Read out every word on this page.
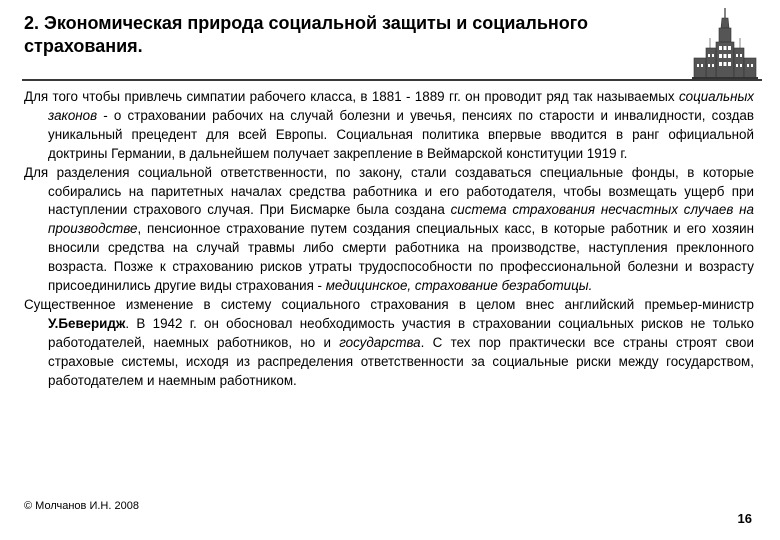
2. Экономическая природа социальной защиты и социального страхования.

Для того чтобы привлечь симпатии рабочего класса, в 1881 - 1889 гг. он проводит ряд так называемых социальных законов - о страховании рабочих на случай болезни и увечья, пенсиях по старости и инвалидности, создав уникальный прецедент для всей Европы. Социальная политика впервые вводится в ранг официальной доктрины Германии, в дальнейшем получает закрепление в Веймарской конституции 1919 г.

Для разделения социальной ответственности, по закону, стали создаваться специальные фонды, в которые собирались на паритетных началах средства работника и его работодателя, чтобы возмещать ущерб при наступлении страхового случая. При Бисмарке была создана система страхования несчастных случаев на производстве, пенсионное страхование путем создания специальных касс, в которые работник и его хозяин вносили средства на случай травмы либо смерти работника на производстве, наступления преклонного возраста. Позже к страхованию рисков утраты трудоспособности по профессиональной болезни и возрасту присоединились другие виды страхования - медицинское, страхование безработицы.

Существенное изменение в систему социального страхования в целом внес английский премьер-министр У.Беверидж. В 1942 г. он обосновал необходимость участия в страховании социальных рисков не только работодателей, наемных работников, но и государства. С тех пор практически все страны строят свои страховые системы, исходя из распределения ответственности за социальные риски между государством, работодателем и наемным работником.

© Молчанов И.Н. 2008
16
